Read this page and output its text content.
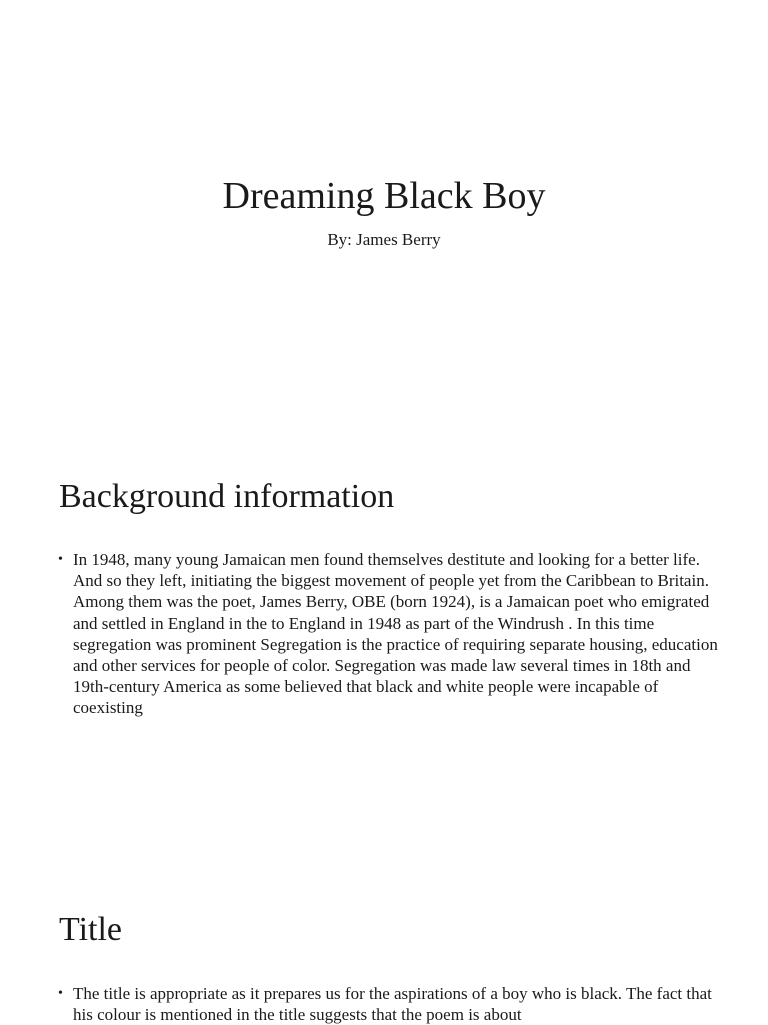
Dreaming Black Boy
By: James Berry
Background information
• In 1948, many young Jamaican men found themselves destitute and looking for a better life. And so they left, initiating the biggest movement of people yet from the Caribbean to Britain. Among them was the poet, James Berry, OBE (born 1924), is a Jamaican poet who emigrated and settled in England in the to England in 1948 as part of the Windrush . In this time segregation was prominent Segregation is the practice of requiring separate housing, education and other services for people of color. Segregation was made law several times in 18th and 19th-century America as some believed that black and white people were incapable of coexisting
Title
• The title is appropriate as it prepares us for the aspirations of a boy who is black. The fact that his colour is mentioned in the title suggests that the poem is about
